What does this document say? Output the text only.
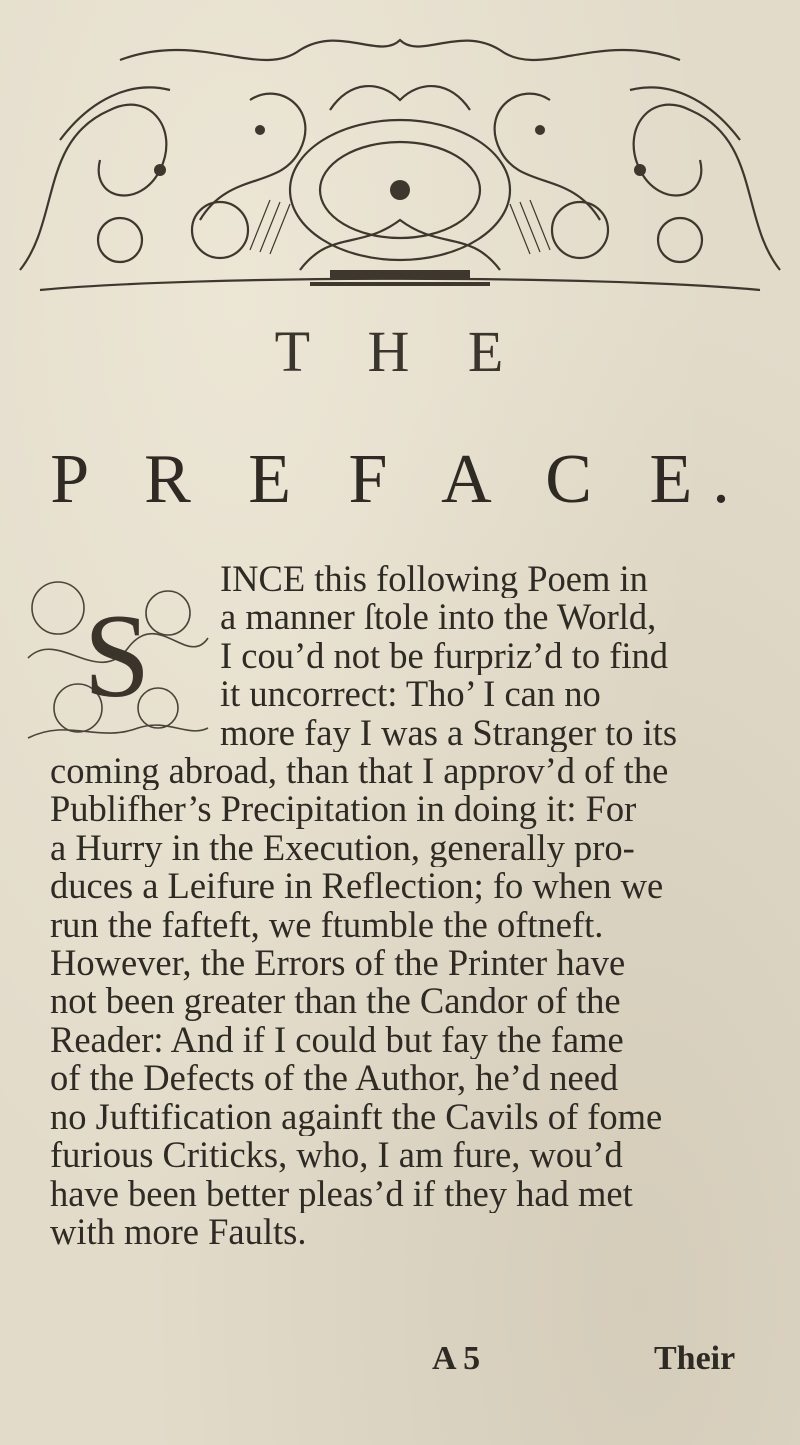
T H E
P R E F A C E.
S
INCE this following Poem in
a manner ſtole into the World,
I cou’d not be furpriz’d to find
it uncorrect: Tho’ I can no
more fay I was a Stranger to its
coming abroad, than that I approv’d of the
Publifher’s Precipitation in doing it: For
a Hurry in the Execution, generally pro-
duces a Leifure in Reflection; fo when we
run the fafteft, we ftumble the oftneft.
However, the Errors of the Printer have
not been greater than the Candor of the
Reader: And if I could but fay the fame
of the Defects of the Author, he’d need
no Juftification againft the Cavils of fome
furious Criticks, who, I am fure, wou’d
have been better pleas’d if they had met
with more Faults.
A 5	Their
